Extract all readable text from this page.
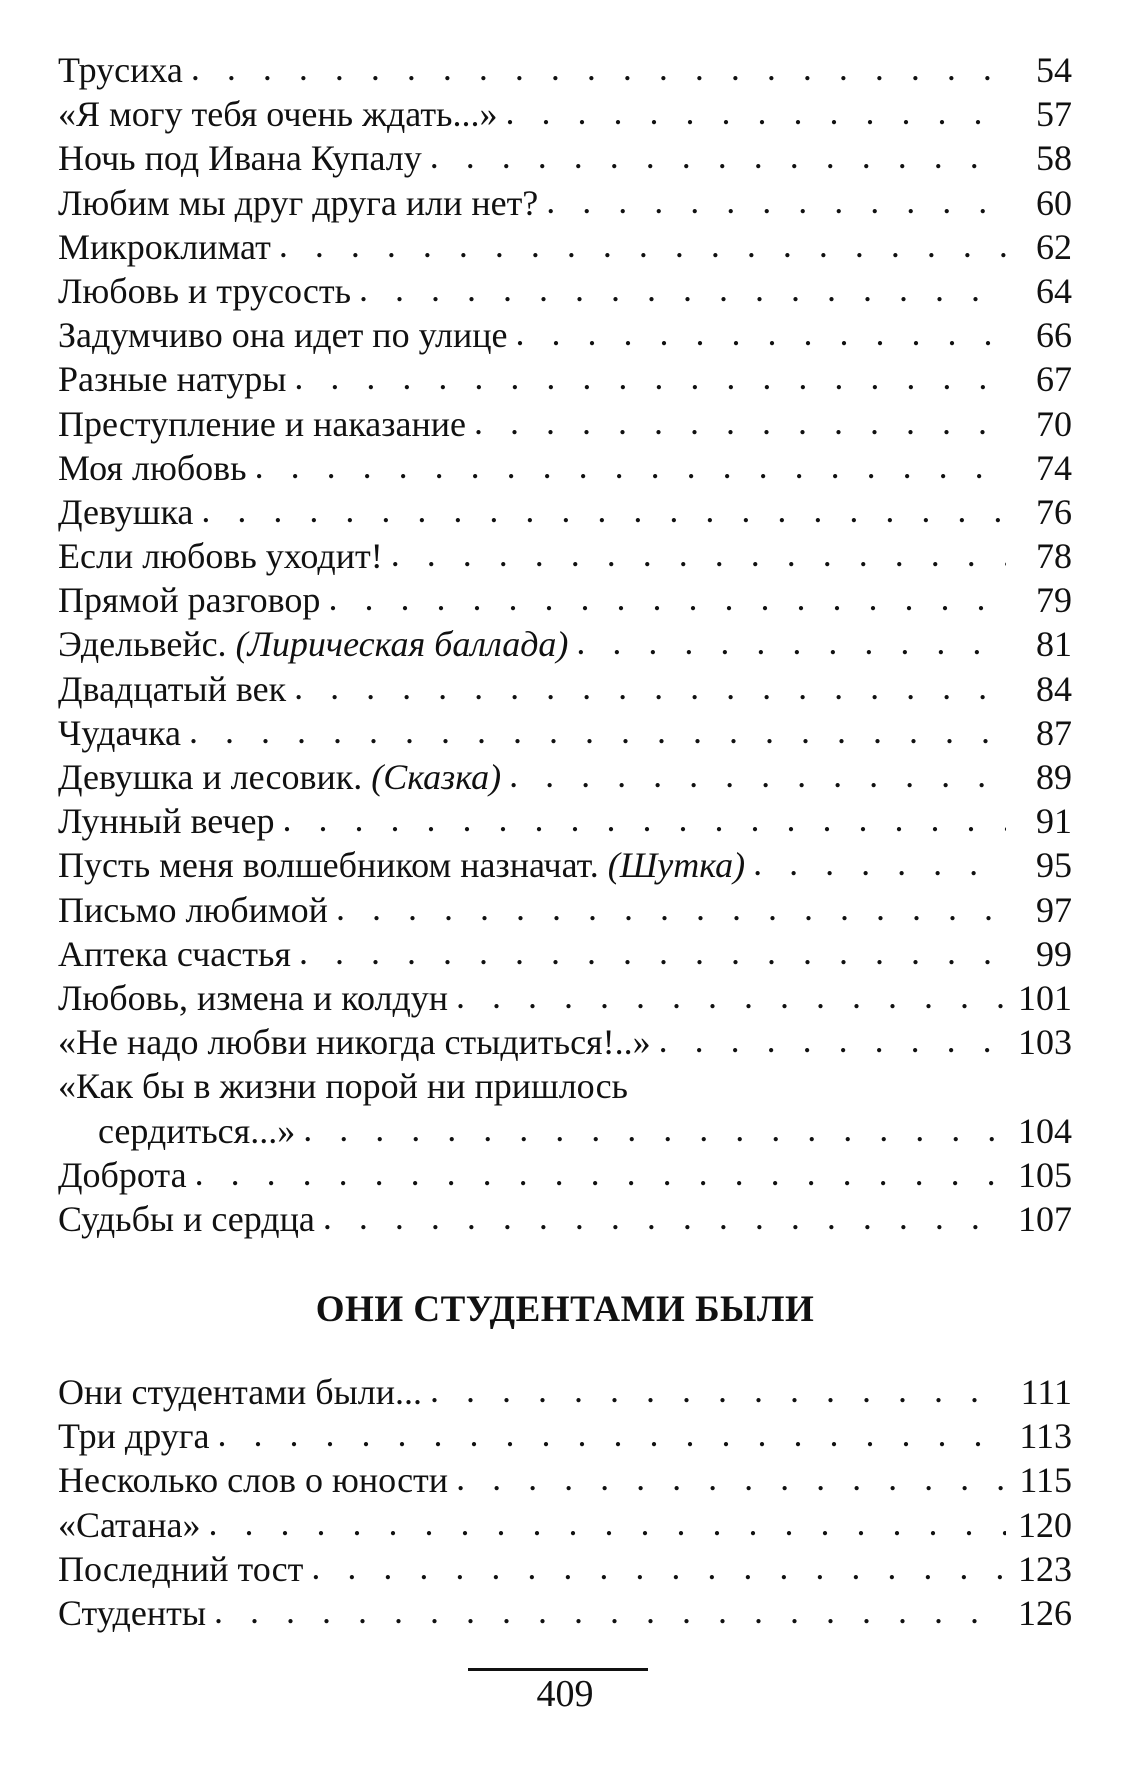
Трусиха . . .	54
«Я могу тебя очень ждать...» . . .	57
Ночь под Ивана Купалу . . .	58
Любим мы друг друга или нет? . . .	60
Микроклимат . . .	62
Любовь и трусость . . .	64
Задумчиво она идет по улице . . .	66
Разные натуры . . .	67
Преступление и наказание . . .	70
Моя любовь . . .	74
Девушка . . .	76
Если любовь уходит! . . .	78
Прямой разговор . . .	79
Эдельвейс. (Лирическая баллада) . . .	81
Двадцатый век . . .	84
Чудачка . . .	87
Девушка и лесовик. (Сказка) . . .	89
Лунный вечер . . .	91
Пусть меня волшебником назначат. (Шутка) . . .	95
Письмо любимой . . .	97
Аптека счастья . . .	99
Любовь, измена и колдун . . .	101
«Не надо любви никогда стыдиться!..» . . .	103
«Как бы в жизни порой ни пришлось
сердиться...» . . .	104
Доброта . . .	105
Судьбы и сердца . . .	107
ОНИ СТУДЕНТАМИ БЫЛИ
Они студентами были... . . .	111
Три друга . . .	113
Несколько слов о юности . . .	115
«Сатана» . . .	120
Последний тост . . .	123
Студенты . . .	126
409
